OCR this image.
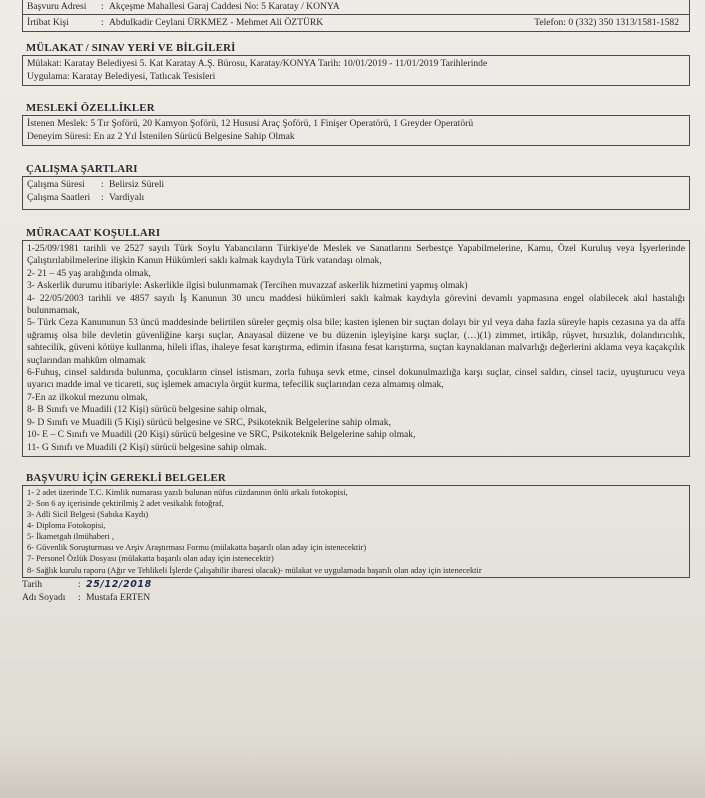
Başvuru Adresi : Akçeşme Mahallesi Garaj Caddesi No: 5 Karatay / KONYA
İrtibat Kişi	: Abdulkadir Ceylani ÜRKMEZ - Mehmet Ali ÖZTÜRK	Telefon: 0 (332) 350 1313/1581-1582
MÜLAKAT / SINAV YERİ VE BİLGİLERİ
Mülakat: Karatay Belediyesi 5. Kat Karatay A.Ş. Bürosu, Karatay/KONYA Tarih: 10/01/2019 - 11/01/2019 Tarihlerinde
Uygulama: Karatay Belediyesi, Tatlıcak Tesisleri
MESLEKİ ÖZELLİKLER
İstenen Meslek: 5 Tır Şoförü, 20 Kamyon Şoförü, 12 Hususi Araç Şoförü, 1 Finişer Operatörü, 1 Greyder Operatörü
Deneyim Süresi: En az 2 Yıl İstenilen Sürücü Belgesine Sahip Olmak
ÇALIŞMA ŞARTLARI
Çalışma Süresi : Belirsiz Süreli
Çalışma Saatleri : Vardiyalı
MÜRACAAT KOŞULLARI

1-25/09/1981 tarihli ve 2527 sayılı Türk Soylu Yabancıların Türkiye'de Meslek ve Sanatlarını Serbestçe Yapabilmelerine, Kamu, Özel Kuruluş veya İşyerlerinde Çalıştırılabilmelerine ilişkin Kanun Hükümleri saklı kalmak kaydıyla Türk vatandaşı olmak,

2- 21 – 45 yaş aralığında olmak,

3- Askerlik durumu itibariyle: Askerlikle ilgisi bulunmamak (Tercihen muvazzaf askerlik hizmetini yapmış olmak)

4- 22/05/2003 tarihli ve 4857 sayılı İş Kanunun 30 uncu maddesi hükümleri saklı kalmak kaydıyla görevini devamlı yapmasına engel olabilecek akıl hastalığı bulunmamak,

5- Türk Ceza Kanununun 53 üncü maddesinde belirtilen süreler geçmiş olsa bile; kasten işlenen bir suçtan dolayı bir yıl veya daha fazla süreyle hapis cezasına ya da affa uğramış olsa bile devletin güvenliğine karşı suçlar, Anayasal düzene ve bu düzenin işleyişine karşı suçlar, (…)(1) zimmet, irtikâp, rüşvet, hırsızlık, dolandırıcılık, sahtecilik, güveni kötüye kullanma, hileli iflas, ihaleye fesat karıştırma, edimin ifasına fesat karıştırma, suçtan kaynaklanan malvarlığı değerlerini aklama veya kaçakçılık suçlarından mahkûm olmamak

6-Fuhuş, cinsel saldırıda bulunma, çocukların cinsel istismarı, zorla fuhuşa sevk etme, cinsel dokunulmazlığa karşı suçlar, cinsel saldırı, cinsel taciz, uyuşturucu veya uyarıcı madde imal ve ticareti, suç işlemek amacıyla örgüt kurma, tefecilik suçlarından ceza almamış olmak,

7-En az ilkokul mezunu olmak,

8- B Sınıfı ve Muadili (12 Kişi) sürücü belgesine sahip olmak,

9- D Sınıfı ve Muadili (5 Kişi) sürücü belgesine ve SRC, Psikoteknik Belgelerine sahip olmak,

10- E – C Sınıfı ve Muadili (20 Kişi) sürücü belgesine ve SRC, Psikoteknik Belgelerine sahip olmak,

11- G Sınıfı ve Muadili (2 Kişi) sürücü belgesine sahip olmak.

BAŞVURU İÇİN GEREKLİ BELGELER

1- 2 adet üzerinde T.C. Kimlik numarası yazılı bulunan nüfus cüzdanının önlü arkalı fotokopisi,

2- Son 6 ay içerisinde çektirilmiş 2 adet vesikalık fotoğraf,

3- Adli Sicil Belgesi (Sabıka Kaydı)

4- Diploma Fotokopisi,

5- İkametgah ilmühaberi ,

6- Güvenlik Soruşturması ve Arşiv Araştırması Formu (mülakatta başarılı olan aday için istenecektir)

7- Personel Özlük Dosyası (mülakatta başarılı olan aday için istenecektir)

8- Sağlık kurulu raporu (Ağır ve Tehlikeli İşlerde Çalışabilir ibaresi olacak)- mülakat ve uygulamada başarılı olan aday için istenecektir

Tarih	: 25/12/2018
Adı Soyadı : Mustafa ERTEN
